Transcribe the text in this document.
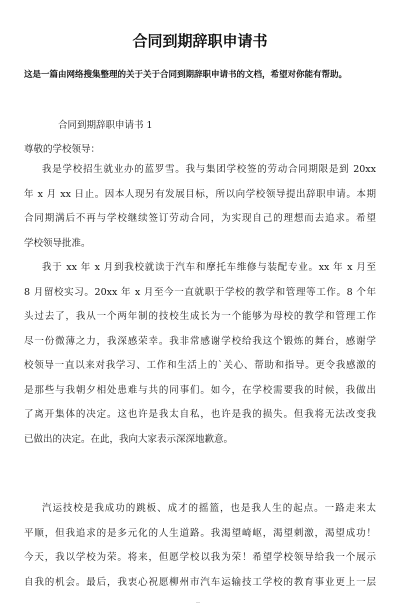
合同到期辞职申请书
这是一篇由网络搜集整理的关于关于合同到期辞职申请书的文档，希望对你能有帮助。
合同到期辞职申请书 1
尊敬的学校领导：
我是学校招生就业办的蓝罗雪。我与集团学校签的劳动合同期限是到 20xx
年 x 月 xx 日止。因本人现另有发展目标，所以向学校领导提出辞职申请。本期
合同期满后不再与学校继续签订劳动合同，为实现自己的理想而去追求。希望
学校领导批准。
我于 xx 年 x 月到我校就读于汽车和摩托车维修与装配专业。xx 年 x 月至
8 月留校实习。20xx 年 x 月至今一直就职于学校的教学和管理等工作。8 个年
头过去了，我从一个两年制的技校生成长为一个能够为母校的教学和管理工作
尽一份微薄之力，我深感荣幸。我非常感谢学校给我这个锻炼的舞台，感谢学
校领导一直以来对我学习、工作和生活上的`关心、帮助和指导。更令我感激的
是那些与我朝夕相处患难与共的同事们。如今，在学校需要我的时候，我做出
了离开集体的决定。这也许是我太自私，也许是我的损失。但我将无法改变我
已做出的决定。在此，我向大家表示深深地歉意。
汽运技校是我成功的跳板、成才的摇篮，也是我人生的起点。一路走来太
平顺，但我追求的是多元化的人生道路。我渴望崎岖，渴望刺激，渴望成功！
今天，我以学校为荣。将来，但愿学校以我为荣！希望学校领导给我一个展示
自我的机会。最后，我衷心祝愿柳州市汽车运输技工学校的教育事业更上一层
--
